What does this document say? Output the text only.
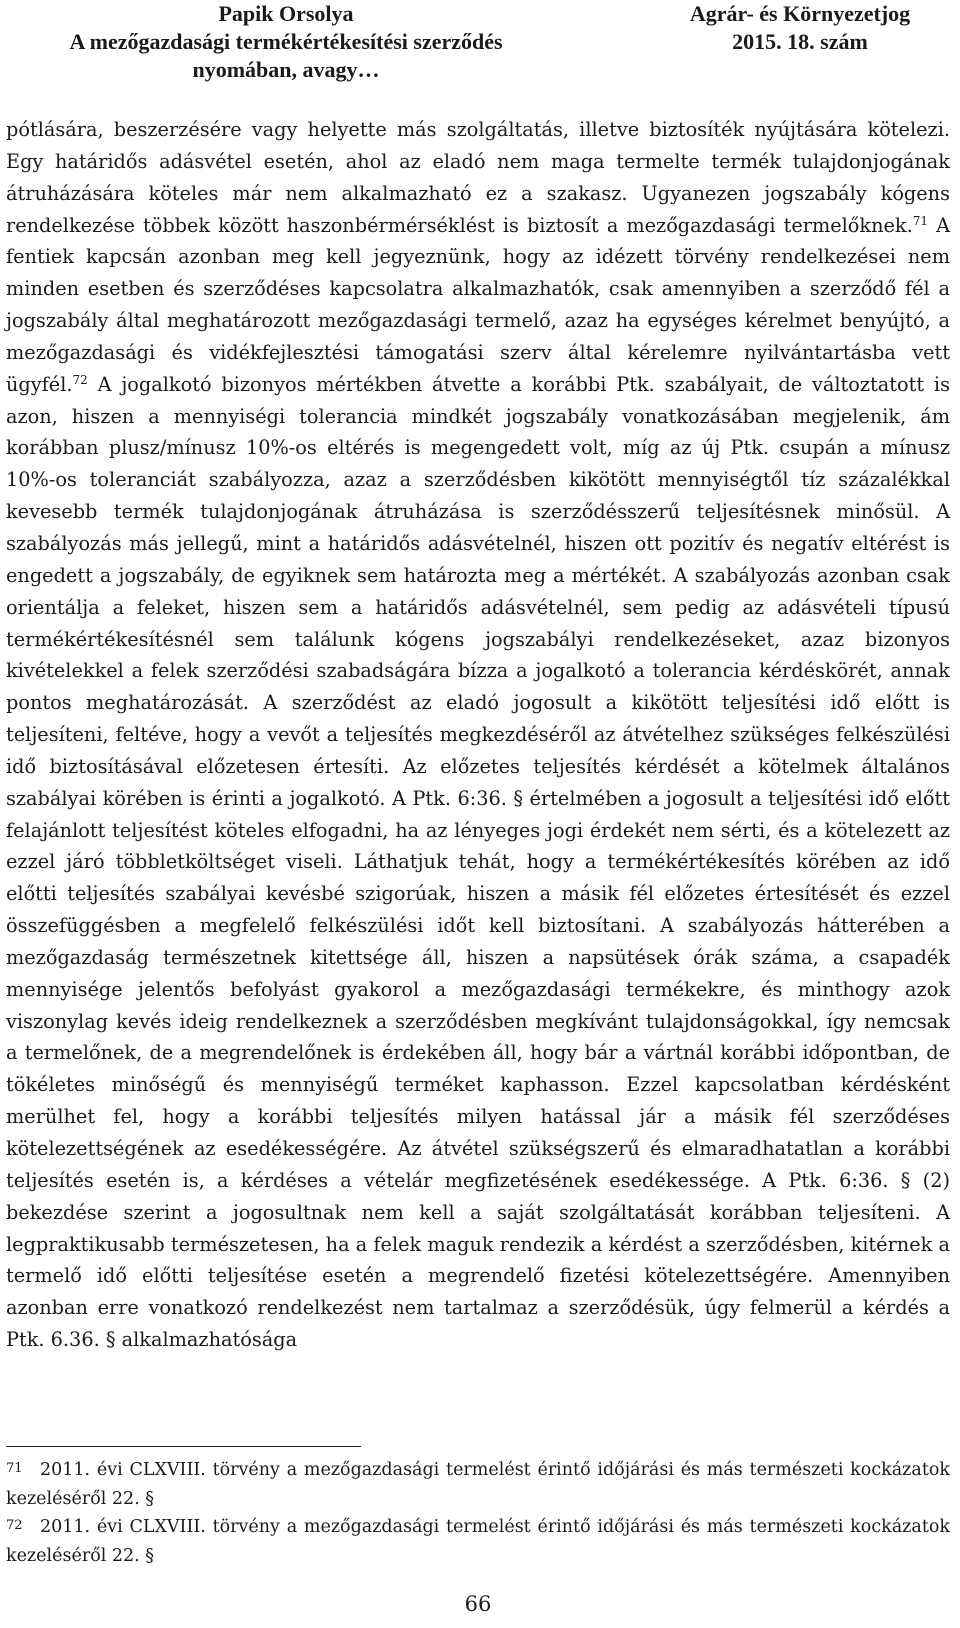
Papik Orsolya
A mezőgazdasági termékértékesítési szerződés
nyomában, avagy…
Agrár- és Környezetjog
2015. 18. szám

pótlására, beszerzésére vagy helyette más szolgáltatás, illetve biztosíték nyújtására kötelezi. Egy határidős adásvétel esetén, ahol az eladó nem maga termelte termék tulajdonjogának átruházására köteles már nem alkalmazható ez a szakasz. Ugyanezen jogszabály kógens rendelkezése többek között haszonbérmérséklést is biztosít a mezőgazdasági termelőknek.$^{71}$ A fentiek kapcsán azonban meg kell jegyeznünk, hogy az idézett törvény rendelkezései nem minden esetben és szerződéses kapcsolatra alkalmazhatók, csak amennyiben a szerződő fél a jogszabály által meghatározott mezőgazdasági termelő, azaz ha egységes kérelmet benyújtó, a mezőgazdasági és vidékfejlesztési támogatási szerv által kérelemre nyilvántartásba vett ügyfél.$^{72}$ A jogalkotó bizonyos mértékben átvette a korábbi Ptk. szabályait, de változtatott is azon, hiszen a mennyiségi tolerancia mindkét jogszabály vonatkozásában megjelenik, ám korábban plusz/mínusz 10%-os eltérés is megengedett volt, míg az új Ptk. csupán a mínusz 10%-os toleranciát szabályozza, azaz a szerződésben kikötött mennyiségtől tíz százalékkal kevesebb termék tulajdonjogának átruházása is szerződésszerű teljesítésnek minősül. A szabályozás más jellegű, mint a határidős adásvételnél, hiszen ott pozitív és negatív eltérést is engedett a jogszabály, de egyiknek sem határozta meg a mértékét. A szabályozás azonban csak orientálja a feleket, hiszen sem a határidős adásvételnél, sem pedig az adásvételi típusú termékértékesítésnél sem találunk kógens jogszabályi rendelkezéseket, azaz bizonyos kivételekkel a felek szerződési szabadságára bízza a jogalkotó a tolerancia kérdéskörét, annak pontos meghatározását. A szerződést az eladó jogosult a kikötött teljesítési idő előtt is teljesíteni, feltéve, hogy a vevőt a teljesítés megkezdéséről az átvételhez szükséges felkészülési idő biztosításával előzetesen értesíti. Az előzetes teljesítés kérdését a kötelmek általános szabályai körében is érinti a jogalkotó. A Ptk. 6:36. § értelmében a jogosult a teljesítési idő előtt felajánlott teljesítést köteles elfogadni, ha az lényeges jogi érdekét nem sérti, és a kötelezett az ezzel járó többletköltséget viseli. Láthatjuk tehát, hogy a termékértékesítés körében az idő előtti teljesítés szabályai kevésbé szigorúak, hiszen a másik fél előzetes értesítését és ezzel összefüggésben a megfelelő felkészülési időt kell biztosítani. A szabályozás hátterében a mezőgazdaság természetnek kitettsége áll, hiszen a napsütések órák száma, a csapadék mennyisége jelentős befolyást gyakorol a mezőgazdasági termékekre, és minthogy azok viszonylag kevés ideig rendelkeznek a szerződésben megkívánt tulajdonságokkal, így nemcsak a termelőnek, de a megrendelőnek is érdekében áll, hogy bár a vártnál korábbi időpontban, de tökéletes minőségű és mennyiségű terméket kaphasson. Ezzel kapcsolatban kérdésként merülhet fel, hogy a korábbi teljesítés milyen hatással jár a másik fél szerződéses kötelezettségének az esedékességére. Az átvétel szükségszerű és elmaradhatatlan a korábbi teljesítés esetén is, a kérdéses a vételár megfizetésének esedékessége. A Ptk. 6:36. § (2) bekezdése szerint a jogosultnak nem kell a saját szolgáltatását korábban teljesíteni. A legpraktikusabb természetesen, ha a felek maguk rendezik a kérdést a szerződésben, kitérnek a termelő idő előtti teljesítése esetén a megrendelő fizetési kötelezettségére. Amennyiben azonban erre vonatkozó rendelkezést nem tartalmaz a szerződésük, úgy felmerül a kérdés a Ptk. 6.36. § alkalmazhatósága

71 2011. évi CLXVIII. törvény a mezőgazdasági termelést érintő időjárási és más természeti kockázatok kezeléséről 22. §

72 2011. évi CLXVIII. törvény a mezőgazdasági termelést érintő időjárási és más természeti kockázatok kezeléséről 22. §

66
